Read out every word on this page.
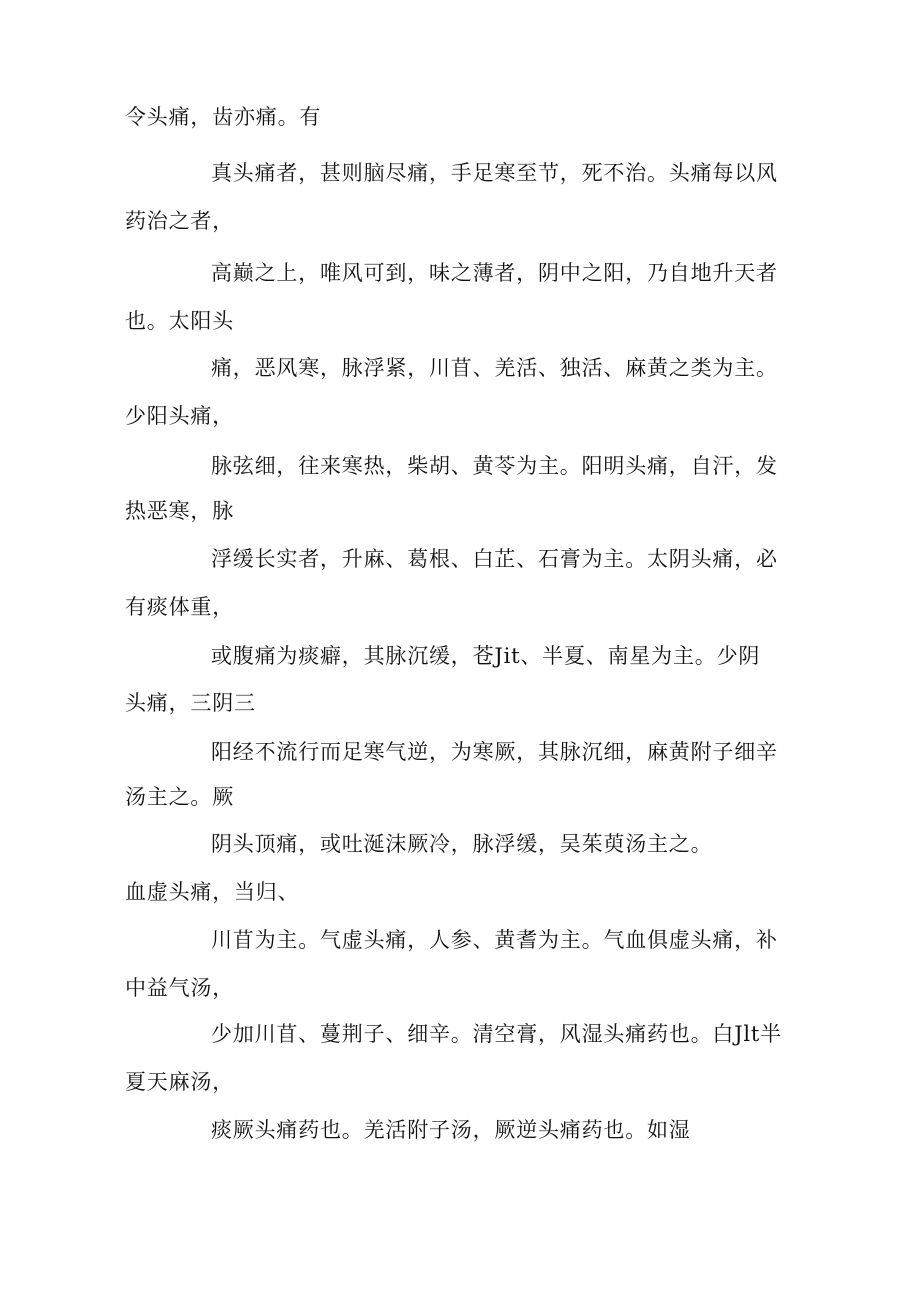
令头痛，齿亦痛。有
真头痛者，甚则脑尽痛，手足寒至节，死不治。头痛每以风
药治之者，
高巅之上，唯风可到，味之薄者，阴中之阳，乃自地升天者
也。太阳头
痛，恶风寒，脉浮紧，川苜、羌活、独活、麻黄之类为主。
少阳头痛，
脉弦细，往来寒热，柴胡、黄苓为主。阳明头痛，自汗，发
热恶寒，脉
浮缓长实者，升麻、葛根、白芷、石膏为主。太阴头痛，必
有痰体重，
或腹痛为痰癖，其脉沉缓，苍Jit、半夏、南星为主。少阴
头痛，三阴三
阳经不流行而足寒气逆，为寒厥，其脉沉细，麻黄附子细辛
汤主之。厥
阴头顶痛，或吐涎沫厥冷，脉浮缓，吴茱萸汤主之。
血虚头痛，当归、
川苜为主。气虚头痛，人参、黄耆为主。气血俱虚头痛，补
中益气汤，
少加川苜、蔓荆子、细辛。清空膏，风湿头痛药也。白Jlt半
夏天麻汤，
痰厥头痛药也。羌活附子汤，厥逆头痛药也。如湿
